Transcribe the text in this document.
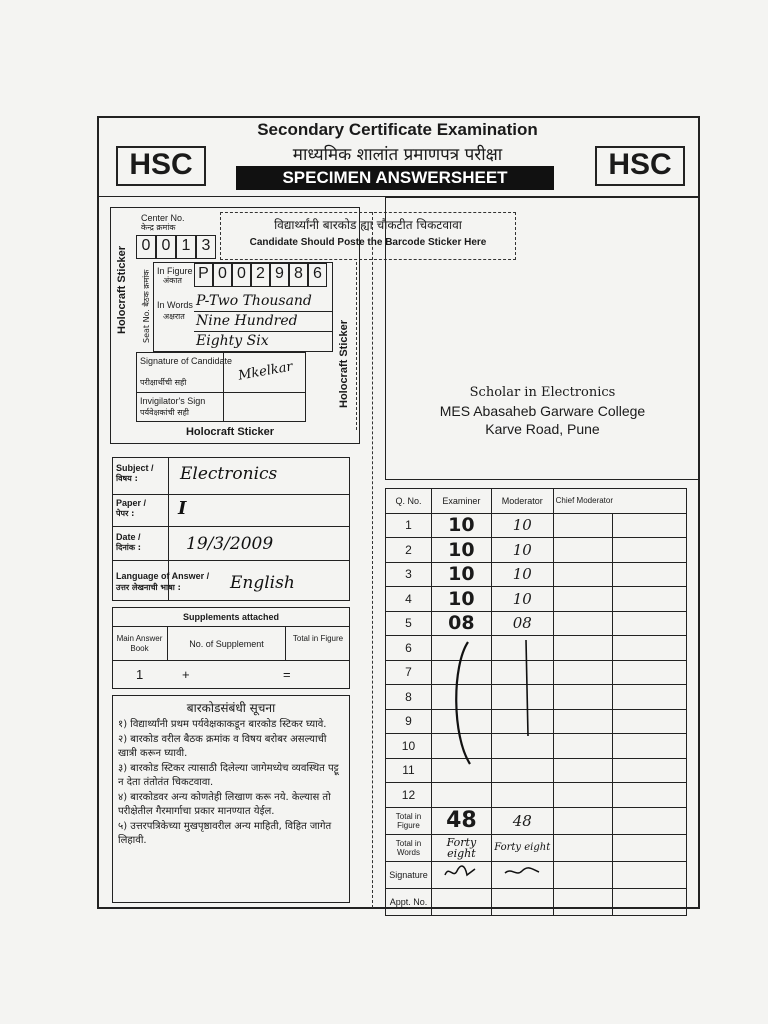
HSC	HSC
Secondary Certificate Examination
माध्यमिक शालांत प्रमाणपत्र परीक्षा
SPECIMEN ANSWERSHEET
विद्यार्थ्यांनी बारकोड ह्या चौकटीत चिकटवावा
Candidate Should Poste the Barcode Sticker Here
Holocraft Sticker
Holocraft Sticker
Center No.
केन्द्र क्रमांक
0 0 1 3
Seat No. बैठक क्रमांक In Figure
अंकात P 0 0 2 9 8 6
In Words
अक्षरात
P-Two Thousand
Nine Hundred
Eighty Six
Signature of Candidate
परीक्षार्थीची सही	Mkelkar
Invigilator's Sign
पर्यवेक्षकांची सही
Holocraft Sticker
Scholar in Electronics
MES Abasaheb Garware College
Karve Road, Pune
Subject /
विषय : Electronics
Paper /
पेपर : I
Date /
दिनांक :	19/3/2009
Language of Answer /
उत्तर लेखनाची भाषा :	English
Supplements attached
Main Answer Book	No. of Supplement
Total in Figure
1	+	=
बारकोडसंबंधी सूचना
१) विद्यार्थ्यांनी प्रथम पर्यवेक्षकाकडून बारकोड स्टिकर घ्यावे.
२) बारकोड वरील बैठक क्रमांक व विषय बरोबर असल्याची खात्री करून घ्यावी.
३) बारकोड स्टिकर त्यासाठी दिलेल्या जागेमध्येच व्यवस्थित पट्टू न देता तंतोतंत चिकटवावा.
४) बारकोडवर अन्य कोणतेही लिखाण करू नये. केल्यास तो परीक्षेतील गैरमार्गाचा प्रकार मानण्यात येईल.
५) उत्तरपत्रिकेच्या मुखपृष्ठावरील अन्य माहिती, विहित जागेत लिहावी.
Q. No.	Examiner	Moderator	Chief Moderator	
1	10	10		
2	10	10		
3	10	10		
4	10	10		
5	08	08		
6				
7				
8				
9				
10				
11				
12				
Total in Figure	48	48		
Total in Words	Forty eight	Forty eight		
Signature				
Appt. No.				
